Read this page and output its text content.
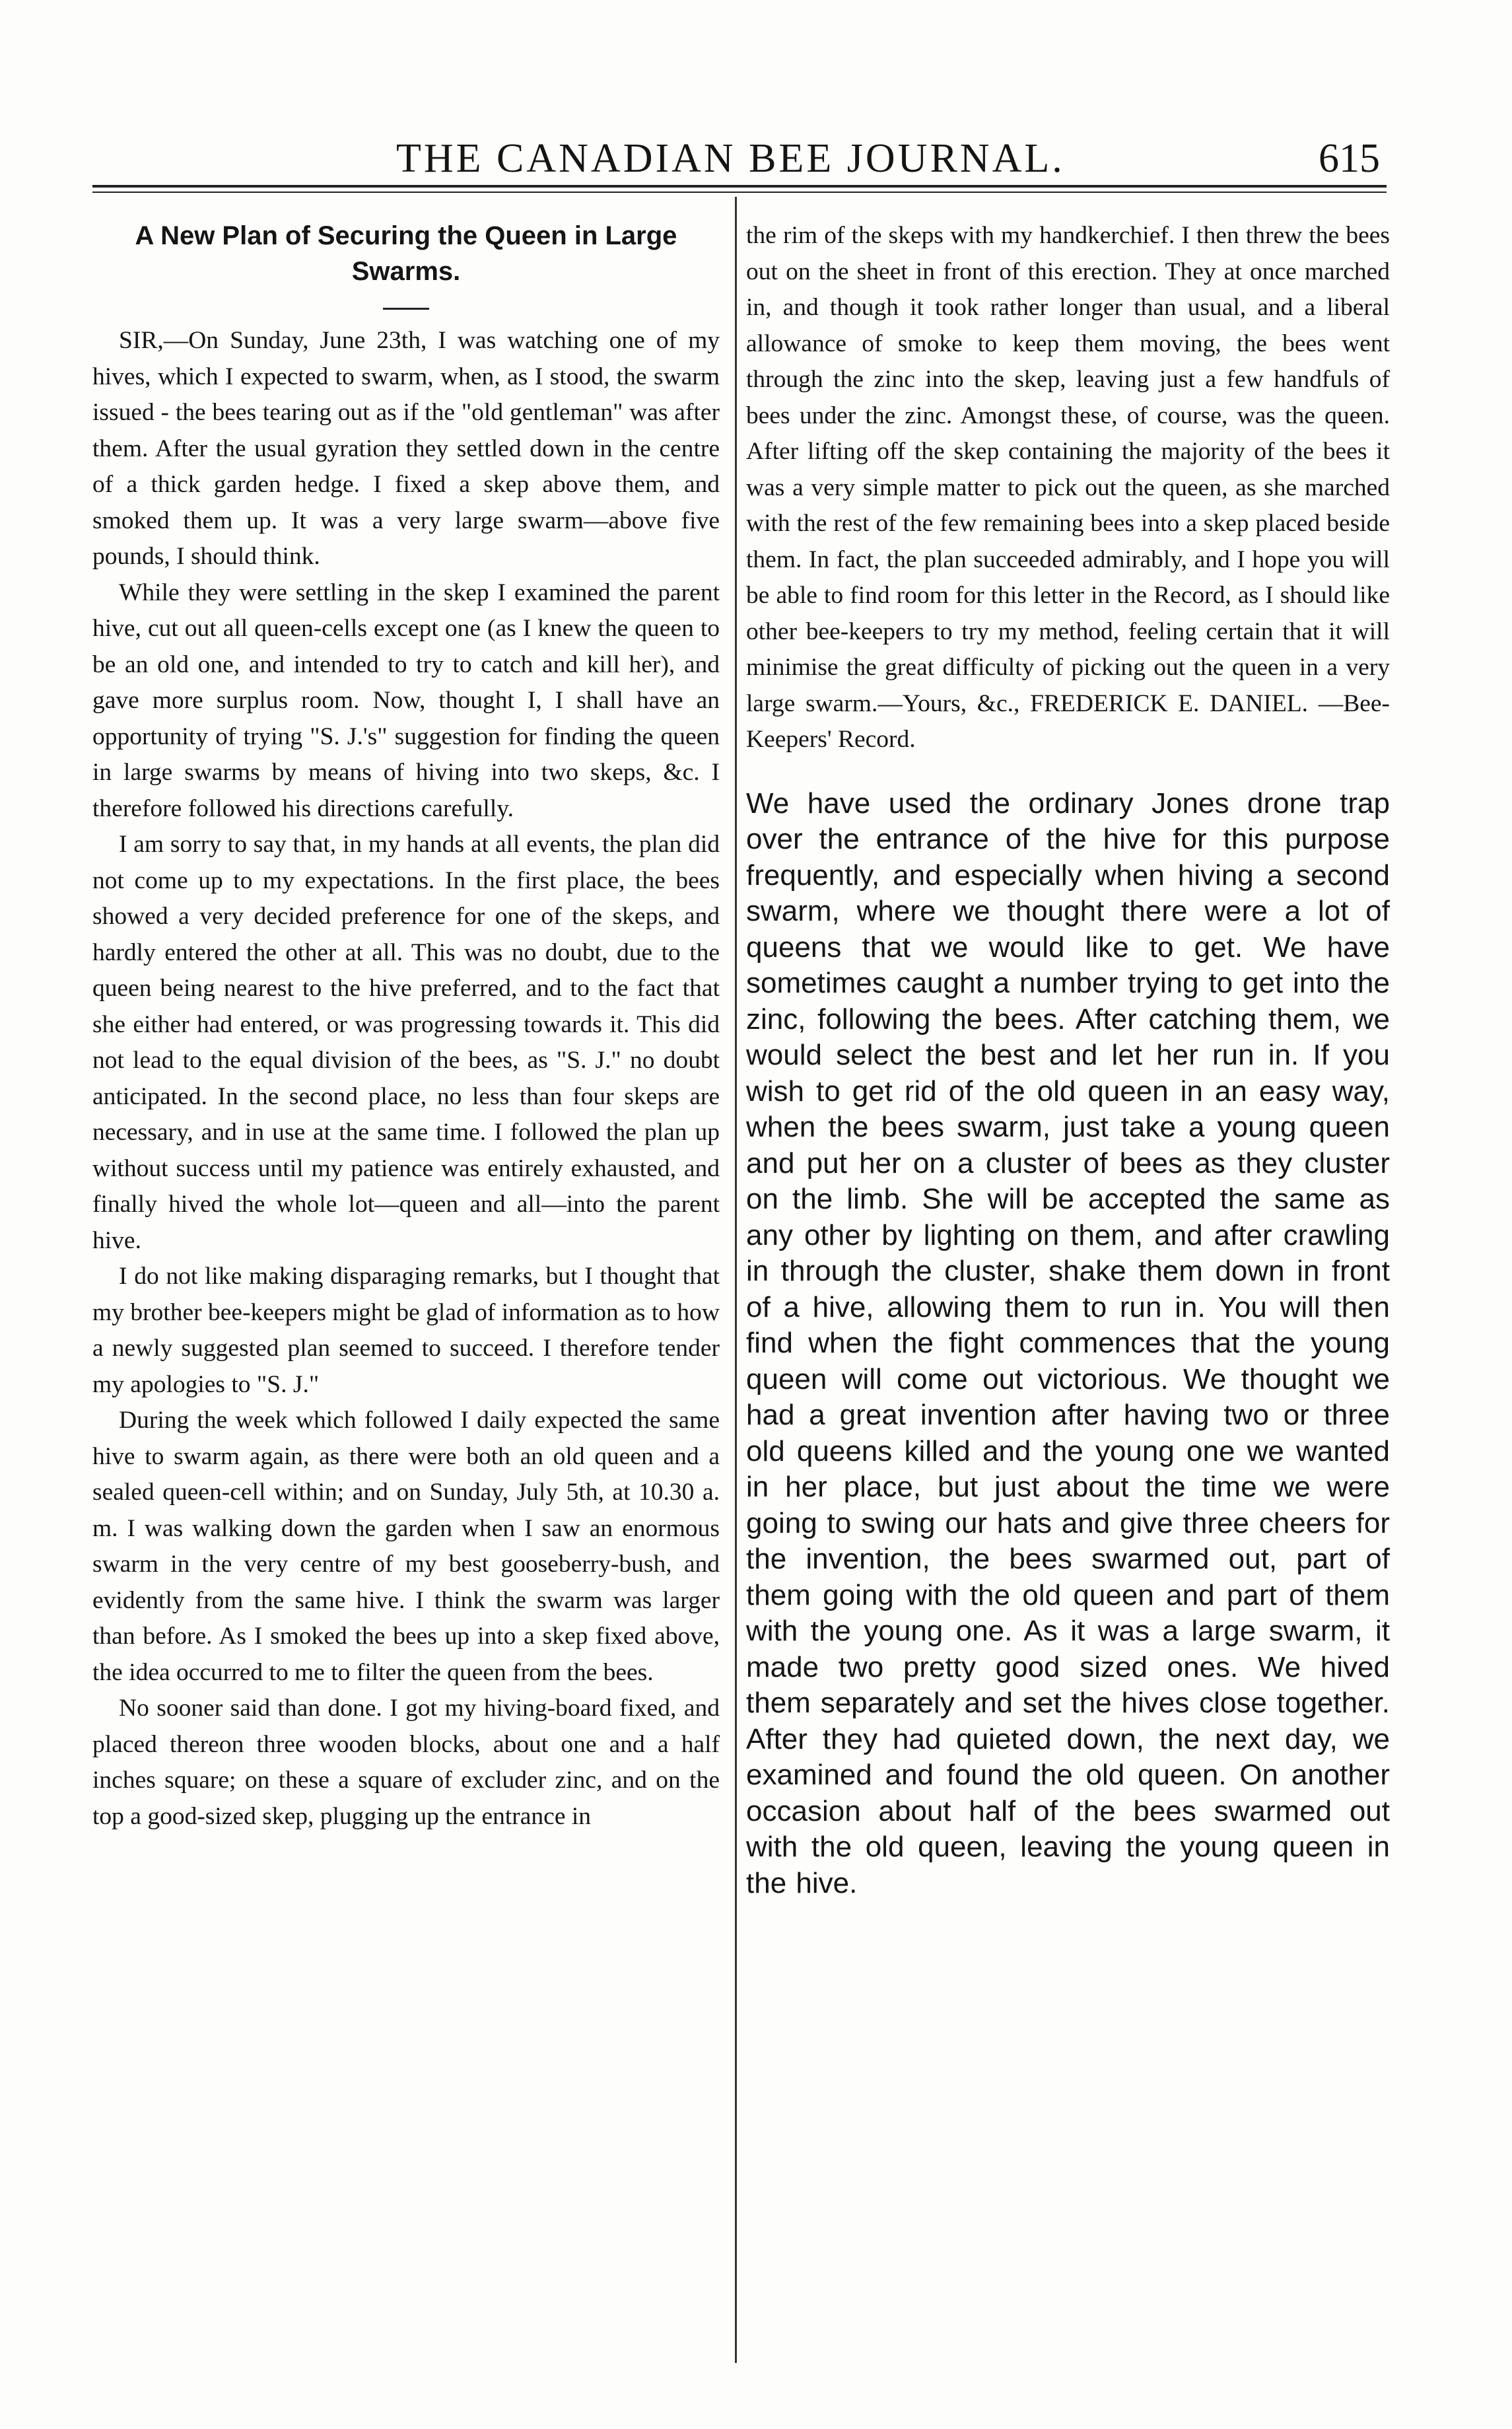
THE CANADIAN BEE JOURNAL.	615
A New Plan of Securing the Queen in Large Swarms.

SIR,—On Sunday, June 23th, I was watching one of my hives, which I expected to swarm, when, as I stood, the swarm issued - the bees tearing out as if the "old gentleman" was after them. After the usual gyration they settled down in the centre of a thick garden hedge. I fixed a skep above them, and smoked them up. It was a very large swarm—above five pounds, I should think.

While they were settling in the skep I examined the parent hive, cut out all queen-cells except one (as I knew the queen to be an old one, and intended to try to catch and kill her), and gave more surplus room. Now, thought I, I shall have an opportunity of trying "S. J.'s" suggestion for finding the queen in large swarms by means of hiving into two skeps, &c. I therefore followed his directions carefully.

I am sorry to say that, in my hands at all events, the plan did not come up to my expectations. In the first place, the bees showed a very decided preference for one of the skeps, and hardly entered the other at all. This was no doubt, due to the queen being nearest to the hive preferred, and to the fact that she either had entered, or was progressing towards it. This did not lead to the equal division of the bees, as "S. J." no doubt anticipated. In the second place, no less than four skeps are necessary, and in use at the same time. I followed the plan up without success until my patience was entirely exhausted, and finally hived the whole lot—queen and all—into the parent hive.

I do not like making disparaging remarks, but I thought that my brother bee-keepers might be glad of information as to how a newly suggested plan seemed to succeed. I therefore tender my apologies to "S. J."

During the week which followed I daily expected the same hive to swarm again, as there were both an old queen and a sealed queen-cell within; and on Sunday, July 5th, at 10.30 a. m. I was walking down the garden when I saw an enormous swarm in the very centre of my best gooseberry-bush, and evidently from the same hive. I think the swarm was larger than before. As I smoked the bees up into a skep fixed above, the idea occurred to me to filter the queen from the bees.

No sooner said than done. I got my hiving-board fixed, and placed thereon three wooden blocks, about one and a half inches square; on these a square of excluder zinc, and on the top a good-sized skep, plugging up the entrance in

the rim of the skeps with my handkerchief. I then threw the bees out on the sheet in front of this erection. They at once marched in, and though it took rather longer than usual, and a liberal allowance of smoke to keep them moving, the bees went through the zinc into the skep, leaving just a few handfuls of bees under the zinc. Amongst these, of course, was the queen. After lifting off the skep containing the majority of the bees it was a very simple matter to pick out the queen, as she marched with the rest of the few remaining bees into a skep placed beside them. In fact, the plan succeeded admirably, and I hope you will be able to find room for this letter in the Record, as I should like other bee-keepers to try my method, feeling certain that it will minimise the great difficulty of picking out the queen in a very large swarm.—Yours, &c., FREDERICK E. DANIEL. —Bee-Keepers' Record.

We have used the ordinary Jones drone trap over the entrance of the hive for this purpose frequently, and especially when hiving a second swarm, where we thought there were a lot of queens that we would like to get. We have sometimes caught a number trying to get into the zinc, following the bees. After catching them, we would select the best and let her run in. If you wish to get rid of the old queen in an easy way, when the bees swarm, just take a young queen and put her on a cluster of bees as they cluster on the limb. She will be accepted the same as any other by lighting on them, and after crawling in through the cluster, shake them down in front of a hive, allowing them to run in. You will then find when the fight commences that the young queen will come out victorious. We thought we had a great invention after having two or three old queens killed and the young one we wanted in her place, but just about the time we were going to swing our hats and give three cheers for the invention, the bees swarmed out, part of them going with the old queen and part of them with the young one. As it was a large swarm, it made two pretty good sized ones. We hived them separately and set the hives close together. After they had quieted down, the next day, we examined and found the old queen. On another occasion about half of the bees swarmed out with the old queen, leaving the young queen in the hive.
